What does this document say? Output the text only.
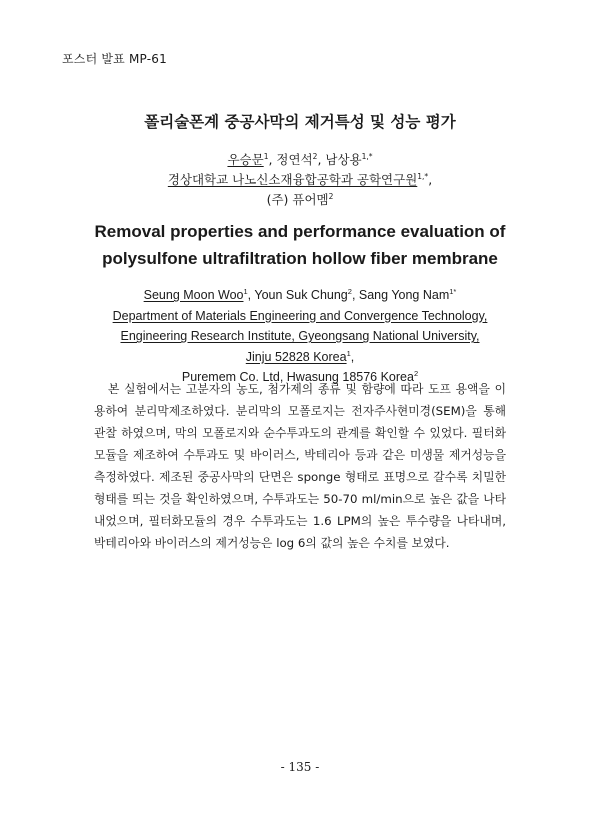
포스터 발표 MP-61
폴리술폰계 중공사막의 제거특성 및 성능 평가
우승문$^1$, 정연석$^2$, 남상용$^{1,*}$
경상대학교 나노신소재융합공학과 공학연구원$^{1,*}$,
(주) 퓨어멤$^2$
Removal properties and performance evaluation of
polysulfone ultrafiltration hollow fiber membrane
Seung Moon Woo$^1$, Youn Suk Chung$^2$, Sang Yong Nam$^{1*}$
Department of Materials Engineering and Convergence Technology,
Engineering Research Institute, Gyeongsang National University,
Jinju 52828 Korea$^1$,
Puremem Co. Ltd, Hwasung 18576 Korea$^2$

본 실험에서는 고분자의 농도, 첨가제의 종류 및 함량에 따라 도프 용액을 이용하여 분리막제조하였다. 분리막의 모폴로지는 전자주사현미경(SEM)을 통해 관찰 하였으며, 막의 모폴로지와 순수투과도의 관계를 확인할 수 있었다. 필터화 모듈을 제조하여 수투과도 및 바이러스, 박테리아 등과 같은 미생물 제거성능을 측정하였다. 제조된 중공사막의 단면은 sponge 형태로 표명으로 갈수록 치밀한 형태를 띄는 것을 확인하였으며, 수투과도는 50-70 ml/min으로 높은 값을 나타내었으며, 필터화모듈의 경우 수투과도는 1.6 LPM의 높은 투수량을 나타내며, 박테리아와 바이러스의 제거성능은 log 6의 값의 높은 수치를 보였다.

- 135 -
